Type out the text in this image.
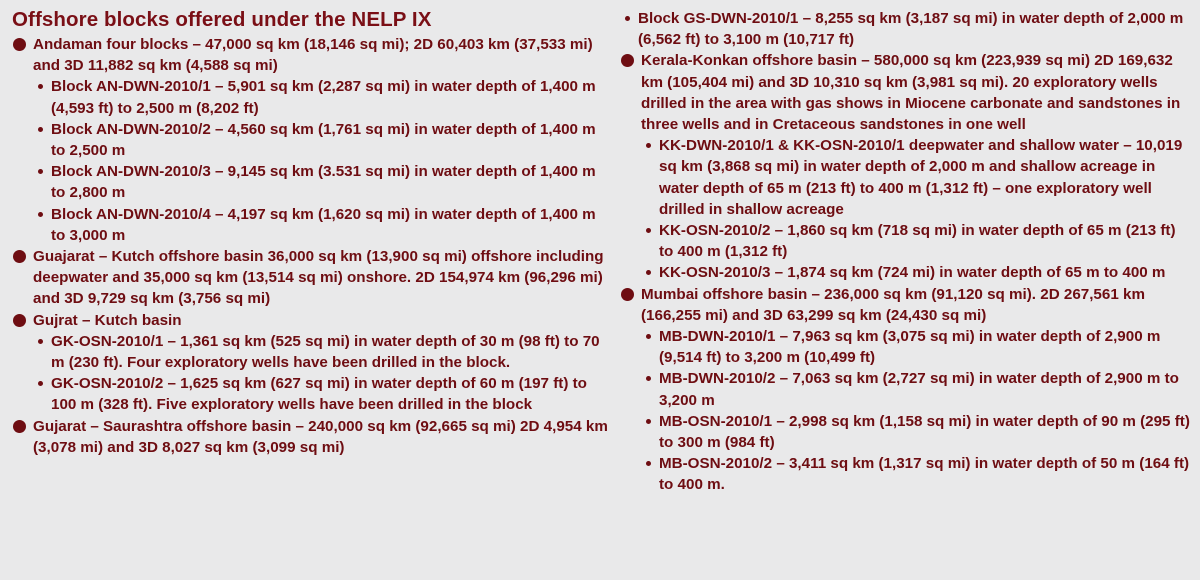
Offshore blocks offered under the NELP IX
Andaman four blocks – 47,000 sq km (18,146 sq mi); 2D 60,403 km (37,533 mi) and 3D 11,882 sq km (4,588 sq mi)
Block AN-DWN-2010/1 – 5,901 sq km (2,287 sq mi) in water depth of 1,400 m (4,593 ft) to 2,500 m (8,202 ft)
Block AN-DWN-2010/2 – 4,560 sq km (1,761 sq mi) in water depth of 1,400 m to 2,500 m
Block AN-DWN-2010/3 – 9,145 sq km (3.531 sq mi) in water depth of 1,400 m to 2,800 m
Block AN-DWN-2010/4 – 4,197 sq km (1,620 sq mi) in water depth of 1,400 m to 3,000 m
Guajarat – Kutch offshore basin 36,000 sq km (13,900 sq mi) offshore including deepwater and 35,000 sq km (13,514 sq mi) onshore. 2D 154,974 km (96,296 mi) and 3D 9,729 sq km (3,756 sq mi)
Gujrat – Kutch basin
GK-OSN-2010/1 – 1,361 sq km (525 sq mi) in water depth of 30 m (98 ft) to 70 m (230 ft). Four exploratory wells have been drilled in the block.
GK-OSN-2010/2 – 1,625 sq km (627 sq mi) in water depth of 60 m (197 ft) to 100 m (328 ft). Five exploratory wells have been drilled in the block
Gujarat – Saurashtra offshore basin – 240,000 sq km (92,665 sq mi) 2D 4,954 km (3,078 mi) and 3D 8,027 sq km (3,099 sq mi)
Block GS-DWN-2010/1 – 8,255 sq km (3,187 sq mi) in water depth of 2,000 m (6,562 ft) to 3,100 m (10,717 ft)
Kerala-Konkan offshore basin – 580,000 sq km (223,939 sq mi) 2D 169,632 km (105,404 mi) and 3D 10,310 sq km (3,981 sq mi). 20 exploratory wells drilled in the area with gas shows in Miocene carbonate and sandstones in three wells and in Cretaceous sandstones in one well
KK-DWN-2010/1 & KK-OSN-2010/1 deepwater and shallow water – 10,019 sq km (3,868 sq mi) in water depth of 2,000 m and shallow acreage in water depth of 65 m (213 ft) to 400 m (1,312 ft) – one exploratory well drilled in shallow acreage
KK-OSN-2010/2 – 1,860 sq km (718 sq mi) in water depth of 65 m (213 ft) to 400 m (1,312 ft)
KK-OSN-2010/3 – 1,874 sq km (724 mi) in water depth of 65 m to 400 m
Mumbai offshore basin – 236,000 sq km (91,120 sq mi). 2D 267,561 km (166,255 mi) and 3D 63,299 sq km (24,430 sq mi)
MB-DWN-2010/1 – 7,963 sq km (3,075 sq mi) in water depth of 2,900 m (9,514 ft) to 3,200 m (10,499 ft)
MB-DWN-2010/2 – 7,063 sq km (2,727 sq mi) in water depth of 2,900 m to 3,200 m
MB-OSN-2010/1 – 2,998 sq km (1,158 sq mi) in water depth of 90 m (295 ft) to 300 m (984 ft)
MB-OSN-2010/2 – 3,411 sq km (1,317 sq mi) in water depth of 50 m (164 ft) to 400 m.
